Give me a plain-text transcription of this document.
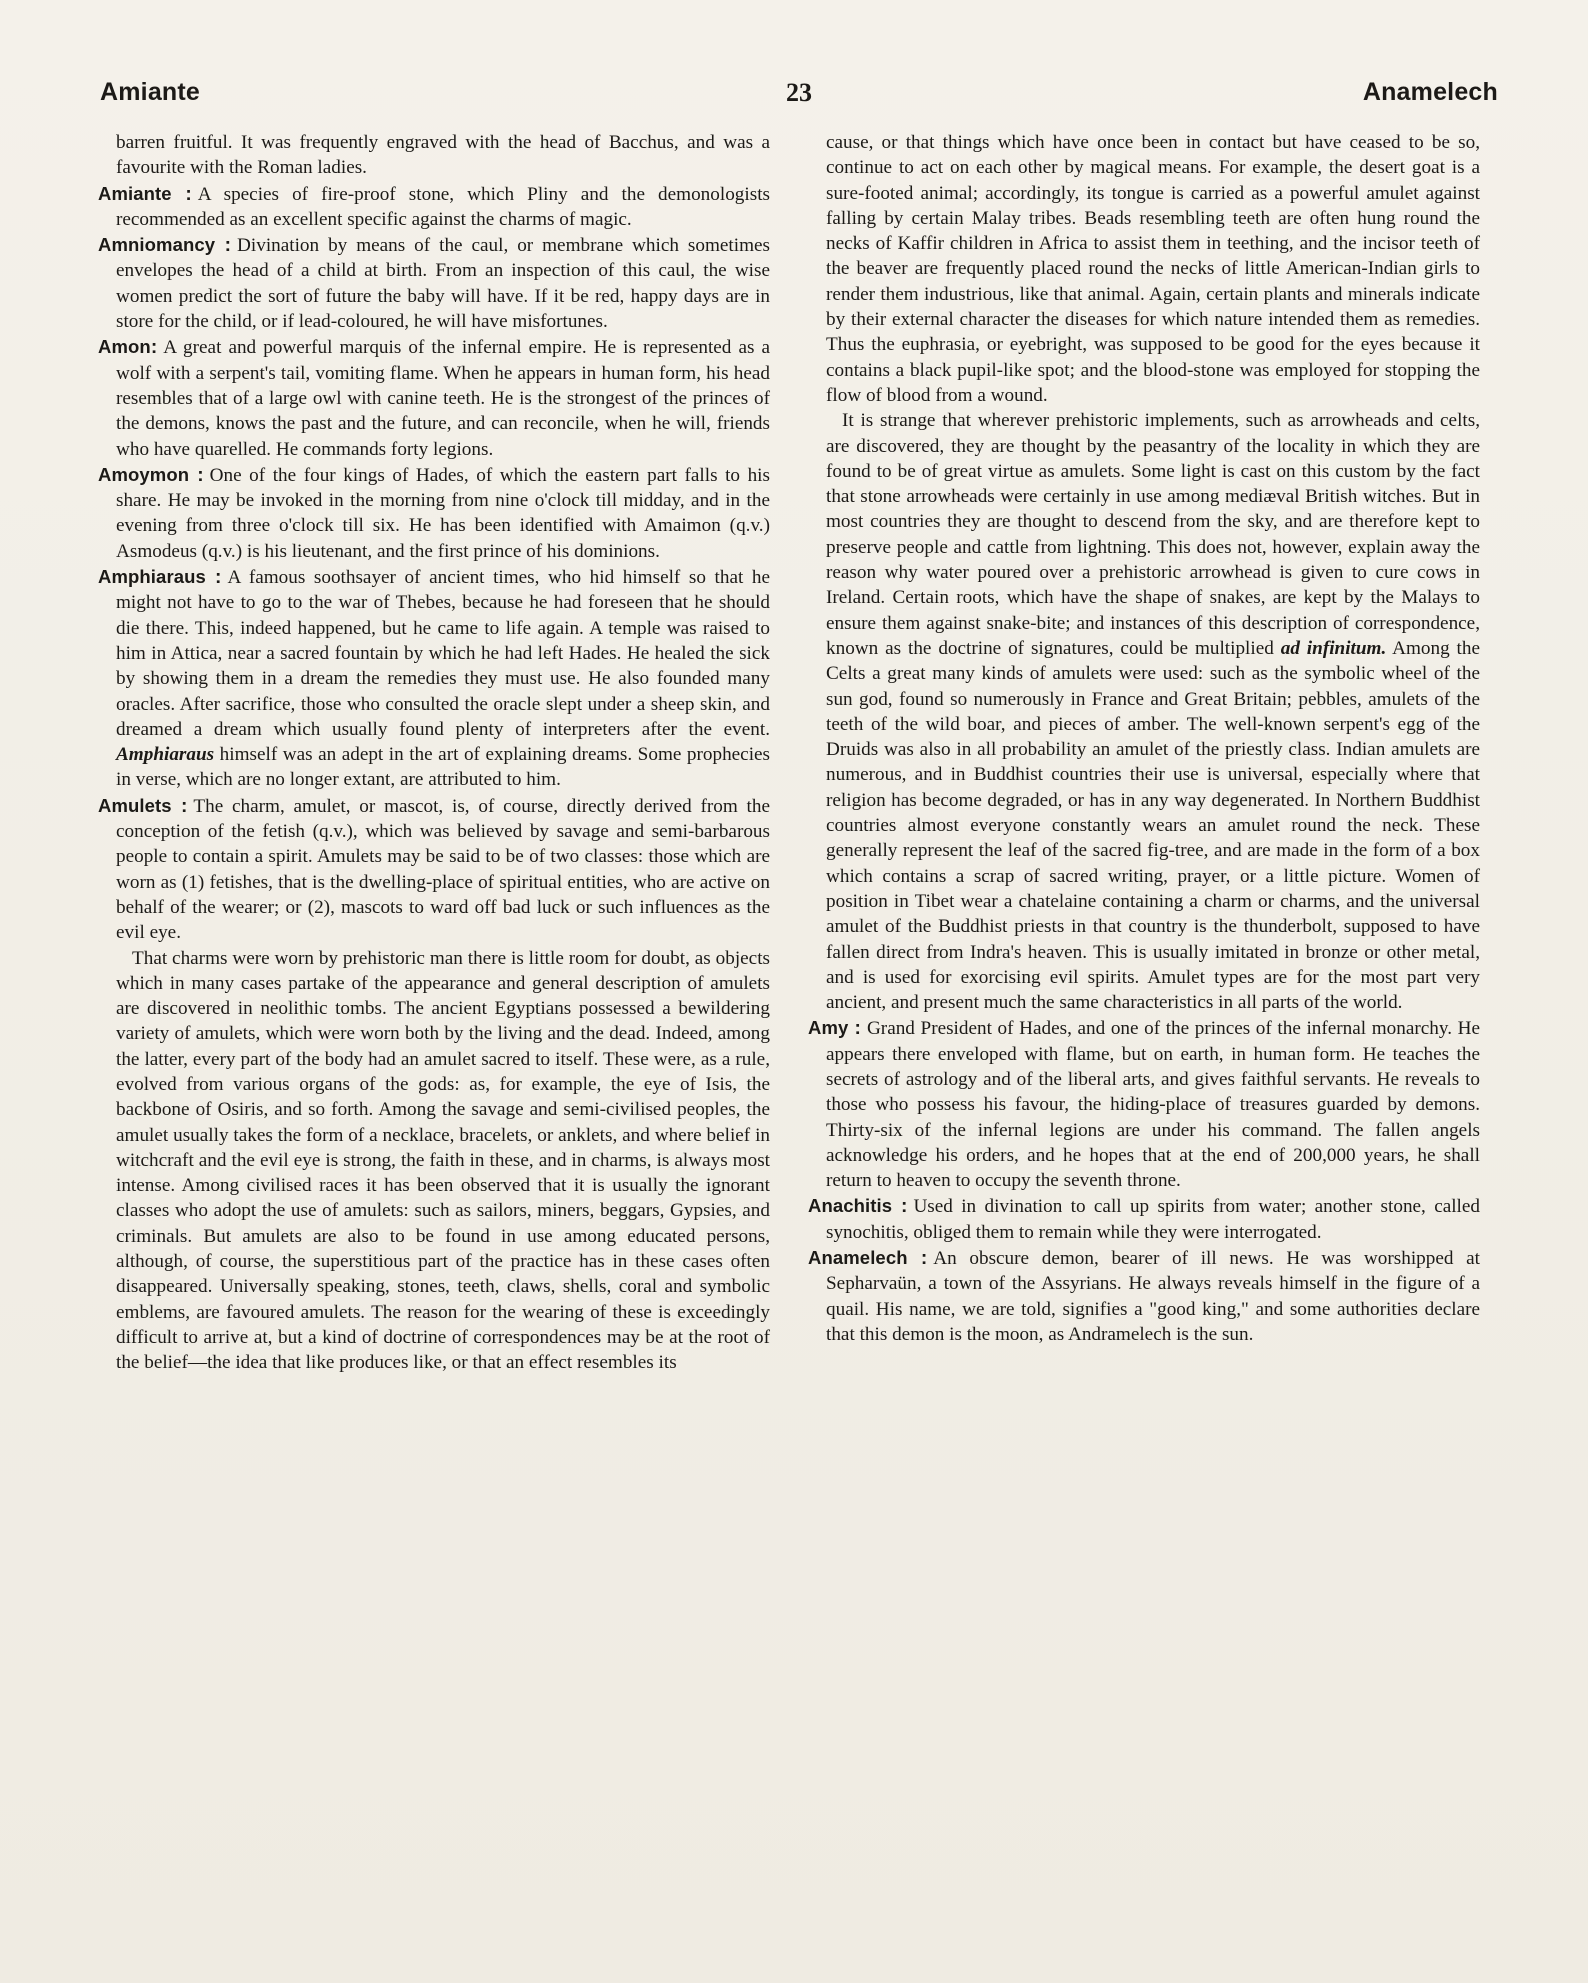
Amiante	23	Anamelech

barren fruitful. It was frequently engraved with the head of Bacchus, and was a favourite with the Roman ladies.

Amiante : A species of fire-proof stone, which Pliny and the demonologists recommended as an excellent specific against the charms of magic.

Amniomancy : Divination by means of the caul, or membrane which sometimes envelopes the head of a child at birth. From an inspection of this caul, the wise women predict the sort of future the baby will have. If it be red, happy days are in store for the child, or if lead-coloured, he will have misfortunes.

Amon: A great and powerful marquis of the infernal empire. He is represented as a wolf with a serpent's tail, vomiting flame. When he appears in human form, his head resembles that of a large owl with canine teeth. He is the strongest of the princes of the demons, knows the past and the future, and can reconcile, when he will, friends who have quarelled. He commands forty legions.

Amoymon : One of the four kings of Hades, of which the eastern part falls to his share. He may be invoked in the morning from nine o'clock till midday, and in the evening from three o'clock till six. He has been identified with Amaimon (q.v.) Asmodeus (q.v.) is his lieutenant, and the first prince of his dominions.

Amphiaraus : A famous soothsayer of ancient times, who hid himself so that he might not have to go to the war of Thebes, because he had foreseen that he should die there. This, indeed happened, but he came to life again. A temple was raised to him in Attica, near a sacred fountain by which he had left Hades. He healed the sick by showing them in a dream the remedies they must use. He also founded many oracles. After sacrifice, those who consulted the oracle slept under a sheep skin, and dreamed a dream which usually found plenty of interpreters after the event. Amphiaraus himself was an adept in the art of explaining dreams. Some prophecies in verse, which are no longer extant, are attributed to him.

Amulets : The charm, amulet, or mascot, is, of course, directly derived from the conception of the fetish (q.v.), which was believed by savage and semi-barbarous people to contain a spirit. Amulets may be said to be of two classes: those which are worn as (1) fetishes, that is the dwelling-place of spiritual entities, who are active on behalf of the wearer; or (2), mascots to ward off bad luck or such influences as the evil eye.

That charms were worn by prehistoric man there is little room for doubt, as objects which in many cases partake of the appearance and general description of amulets are discovered in neolithic tombs. The ancient Egyptians possessed a bewildering variety of amulets, which were worn both by the living and the dead. Indeed, among the latter, every part of the body had an amulet sacred to itself. These were, as a rule, evolved from various organs of the gods: as, for example, the eye of Isis, the backbone of Osiris, and so forth. Among the savage and semi-civilised peoples, the amulet usually takes the form of a necklace, bracelets, or anklets, and where belief in witchcraft and the evil eye is strong, the faith in these, and in charms, is always most intense. Among civilised races it has been observed that it is usually the ignorant classes who adopt the use of amulets: such as sailors, miners, beggars, Gypsies, and criminals. But amulets are also to be found in use among educated persons, although, of course, the superstitious part of the practice has in these cases often disappeared. Universally speaking, stones, teeth, claws, shells, coral and symbolic emblems, are favoured amulets. The reason for the wearing of these is exceedingly difficult to arrive at, but a kind of doctrine of correspondences may be at the root of the belief—the idea that like produces like, or that an effect resembles its

cause, or that things which have once been in contact but have ceased to be so, continue to act on each other by magical means. For example, the desert goat is a sure-footed animal; accordingly, its tongue is carried as a powerful amulet against falling by certain Malay tribes. Beads resembling teeth are often hung round the necks of Kaffir children in Africa to assist them in teething, and the incisor teeth of the beaver are frequently placed round the necks of little American-Indian girls to render them industrious, like that animal. Again, certain plants and minerals indicate by their external character the diseases for which nature intended them as remedies. Thus the euphrasia, or eyebright, was supposed to be good for the eyes because it contains a black pupil-like spot; and the blood-stone was employed for stopping the flow of blood from a wound.

It is strange that wherever prehistoric implements, such as arrowheads and celts, are discovered, they are thought by the peasantry of the locality in which they are found to be of great virtue as amulets. Some light is cast on this custom by the fact that stone arrowheads were certainly in use among mediæval British witches. But in most countries they are thought to descend from the sky, and are therefore kept to preserve people and cattle from lightning. This does not, however, explain away the reason why water poured over a prehistoric arrowhead is given to cure cows in Ireland. Certain roots, which have the shape of snakes, are kept by the Malays to ensure them against snake-bite; and instances of this description of correspondence, known as the doctrine of signatures, could be multiplied ad infinitum. Among the Celts a great many kinds of amulets were used: such as the symbolic wheel of the sun god, found so numerously in France and Great Britain; pebbles, amulets of the teeth of the wild boar, and pieces of amber. The well-known serpent's egg of the Druids was also in all probability an amulet of the priestly class. Indian amulets are numerous, and in Buddhist countries their use is universal, especially where that religion has become degraded, or has in any way degenerated. In Northern Buddhist countries almost everyone constantly wears an amulet round the neck. These generally represent the leaf of the sacred fig-tree, and are made in the form of a box which contains a scrap of sacred writing, prayer, or a little picture. Women of position in Tibet wear a chatelaine containing a charm or charms, and the universal amulet of the Buddhist priests in that country is the thunderbolt, supposed to have fallen direct from Indra's heaven. This is usually imitated in bronze or other metal, and is used for exorcising evil spirits. Amulet types are for the most part very ancient, and present much the same characteristics in all parts of the world.

Amy : Grand President of Hades, and one of the princes of the infernal monarchy. He appears there enveloped with flame, but on earth, in human form. He teaches the secrets of astrology and of the liberal arts, and gives faithful servants. He reveals to those who possess his favour, the hiding-place of treasures guarded by demons. Thirty-six of the infernal legions are under his command. The fallen angels acknowledge his orders, and he hopes that at the end of 200,000 years, he shall return to heaven to occupy the seventh throne.

Anachitis : Used in divination to call up spirits from water; another stone, called synochitis, obliged them to remain while they were interrogated.

Anamelech : An obscure demon, bearer of ill news. He was worshipped at Sepharvaün, a town of the Assyrians. He always reveals himself in the figure of a quail. His name, we are told, signifies a "good king," and some authorities declare that this demon is the moon, as Andramelech is the sun.
